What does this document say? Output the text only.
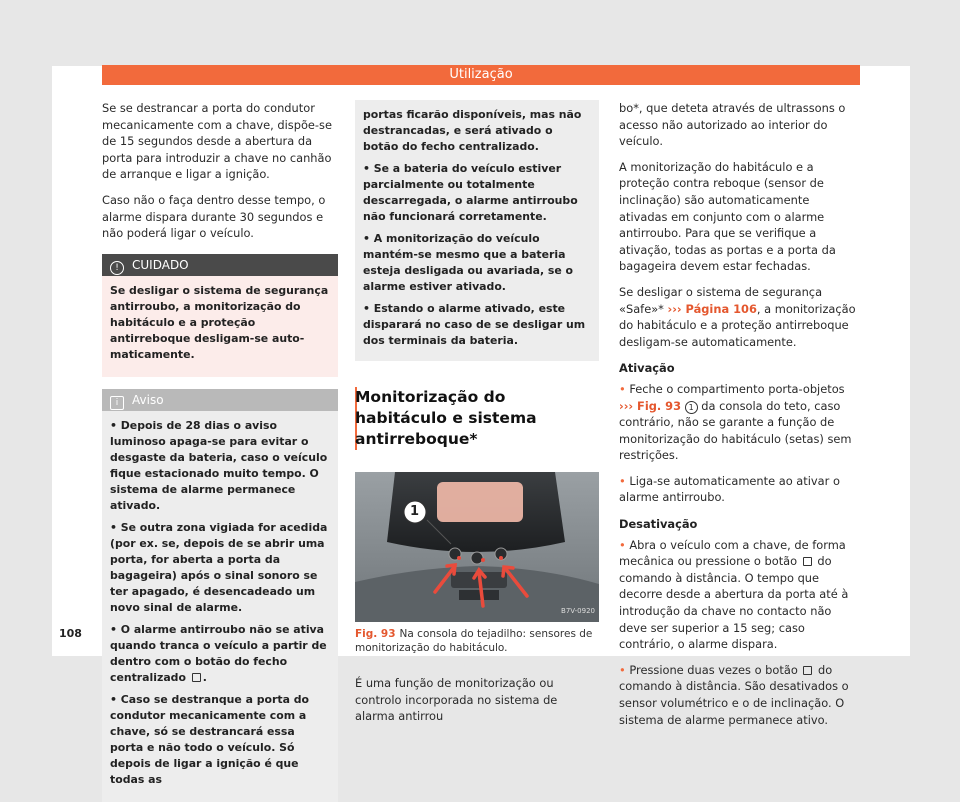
Utilização

Se se destrancar a porta do condutor mecanicamente com a chave, dispõe-se de 15 segundos desde a abertura da porta para introduzir a chave no canhão de arranque e ligar a ignição.

Caso não o faça dentro desse tempo, o alarme dispara durante 30 segundos e não poderá ligar o veículo.

! CUIDADO

Se desligar o sistema de segurança antirroubo, a monitorização do habitáculo e a proteção antirreboque desligam-se automaticamente.

i Aviso

• Depois de 28 dias o aviso luminoso apaga-se para evitar o desgaste da bateria, caso o veículo fique estacionado muito tempo. O sistema de alarme permanece ativado.

• Se outra zona vigiada for acedida (por ex. se, depois de se abrir uma porta, for aberta a porta da bagageira) após o sinal sonoro se ter apagado, é desencadeado um novo sinal de alarme.

• O alarme antirroubo não se ativa quando tranca o veículo a partir de dentro com o botão do fecho centralizado .

• Caso se destranque a porta do condutor mecanicamente com a chave, só se destrancará essa porta e não todo o veículo. Só depois de ligar a ignição é que todas as

108

portas ficarão disponíveis, mas não destrancadas, e será ativado o botão do fecho centralizado.

• Se a bateria do veículo estiver parcialmente ou totalmente descarregada, o alarme antirroubo não funcionará corretamente.

• A monitorização do veículo mantém-se mesmo que a bateria esteja desligada ou avariada, se o alarme estiver ativado.

• Estando o alarme ativado, este disparará no caso de se desligar um dos terminais da bateria.

Monitorização do habitáculo e sistema antirreboque*
1
B7V-0920
Fig. 93 Na consola do tejadilho: sensores de monitorização do habitáculo.

É uma função de monitorização ou controlo incorporada no sistema de alarma antirrou

bo*, que deteta através de ultrassons o acesso não autorizado ao interior do veículo.

A monitorização do habitáculo e a proteção contra reboque (sensor de inclinação) são automaticamente ativadas em conjunto com o alarme antirroubo. Para que se verifique a ativação, todas as portas e a porta da bagageira devem estar fechadas.

Se desligar o sistema de segurança «Safe»* ››› Página 106, a monitorização do habitáculo e a proteção antirreboque desligam-se automaticamente.

Ativação

• Feche o compartimento porta-objetos ››› Fig. 93 1 da consola do teto, caso contrário, não se garante a função de monitorização do habitáculo (setas) sem restrições.

• Liga-se automaticamente ao ativar o alarme antirroubo.

Desativação

• Abra o veículo com a chave, de forma mecânica ou pressione o botão do comando à distância. O tempo que decorre desde a abertura da porta até à introdução da chave no contacto não deve ser superior a 15 seg; caso contrário, o alarme dispara.

• Pressione duas vezes o botão do comando à distância. São desativados o sensor volumétrico e o de inclinação. O sistema de alarme permanece ativo.
